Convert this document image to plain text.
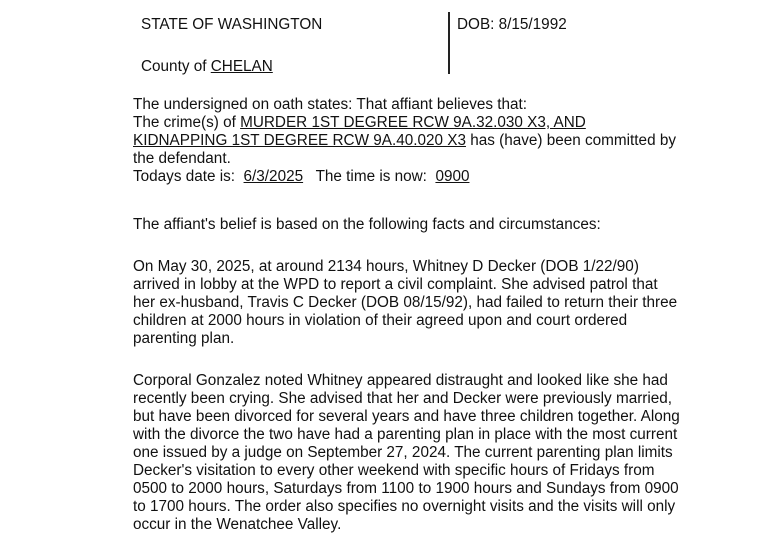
STATE OF WASHINGTON
County of CHELAN
DOB: 8/15/1992
The undersigned on oath states: That affiant believes that:
The crime(s) of MURDER 1ST DEGREE RCW 9A.32.030 X3, AND
KIDNAPPING 1ST DEGREE RCW 9A.40.020 X3 has (have) been committed by
the defendant.
Todays date is:  6/3/2025   The time is now:  0900
The affiant's belief is based on the following facts and circumstances:
On May 30, 2025, at around 2134 hours, Whitney D Decker (DOB 1/22/90)
arrived in lobby at the WPD to report a civil complaint. She advised patrol that
her ex-husband, Travis C Decker (DOB 08/15/92), had failed to return their three
children at 2000 hours in violation of their agreed upon and court ordered
parenting plan.
Corporal Gonzalez noted Whitney appeared distraught and looked like she had
recently been crying. She advised that her and Decker were previously married,
but have been divorced for several years and have three children together. Along
with the divorce the two have had a parenting plan in place with the most current
one issued by a judge on September 27, 2024. The current parenting plan limits
Decker's visitation to every other weekend with specific hours of Fridays from
0500 to 2000 hours, Saturdays from 1100 to 1900 hours and Sundays from 0900
to 1700 hours. The order also specifies no overnight visits and the visits will only
occur in the Wenatchee Valley.
